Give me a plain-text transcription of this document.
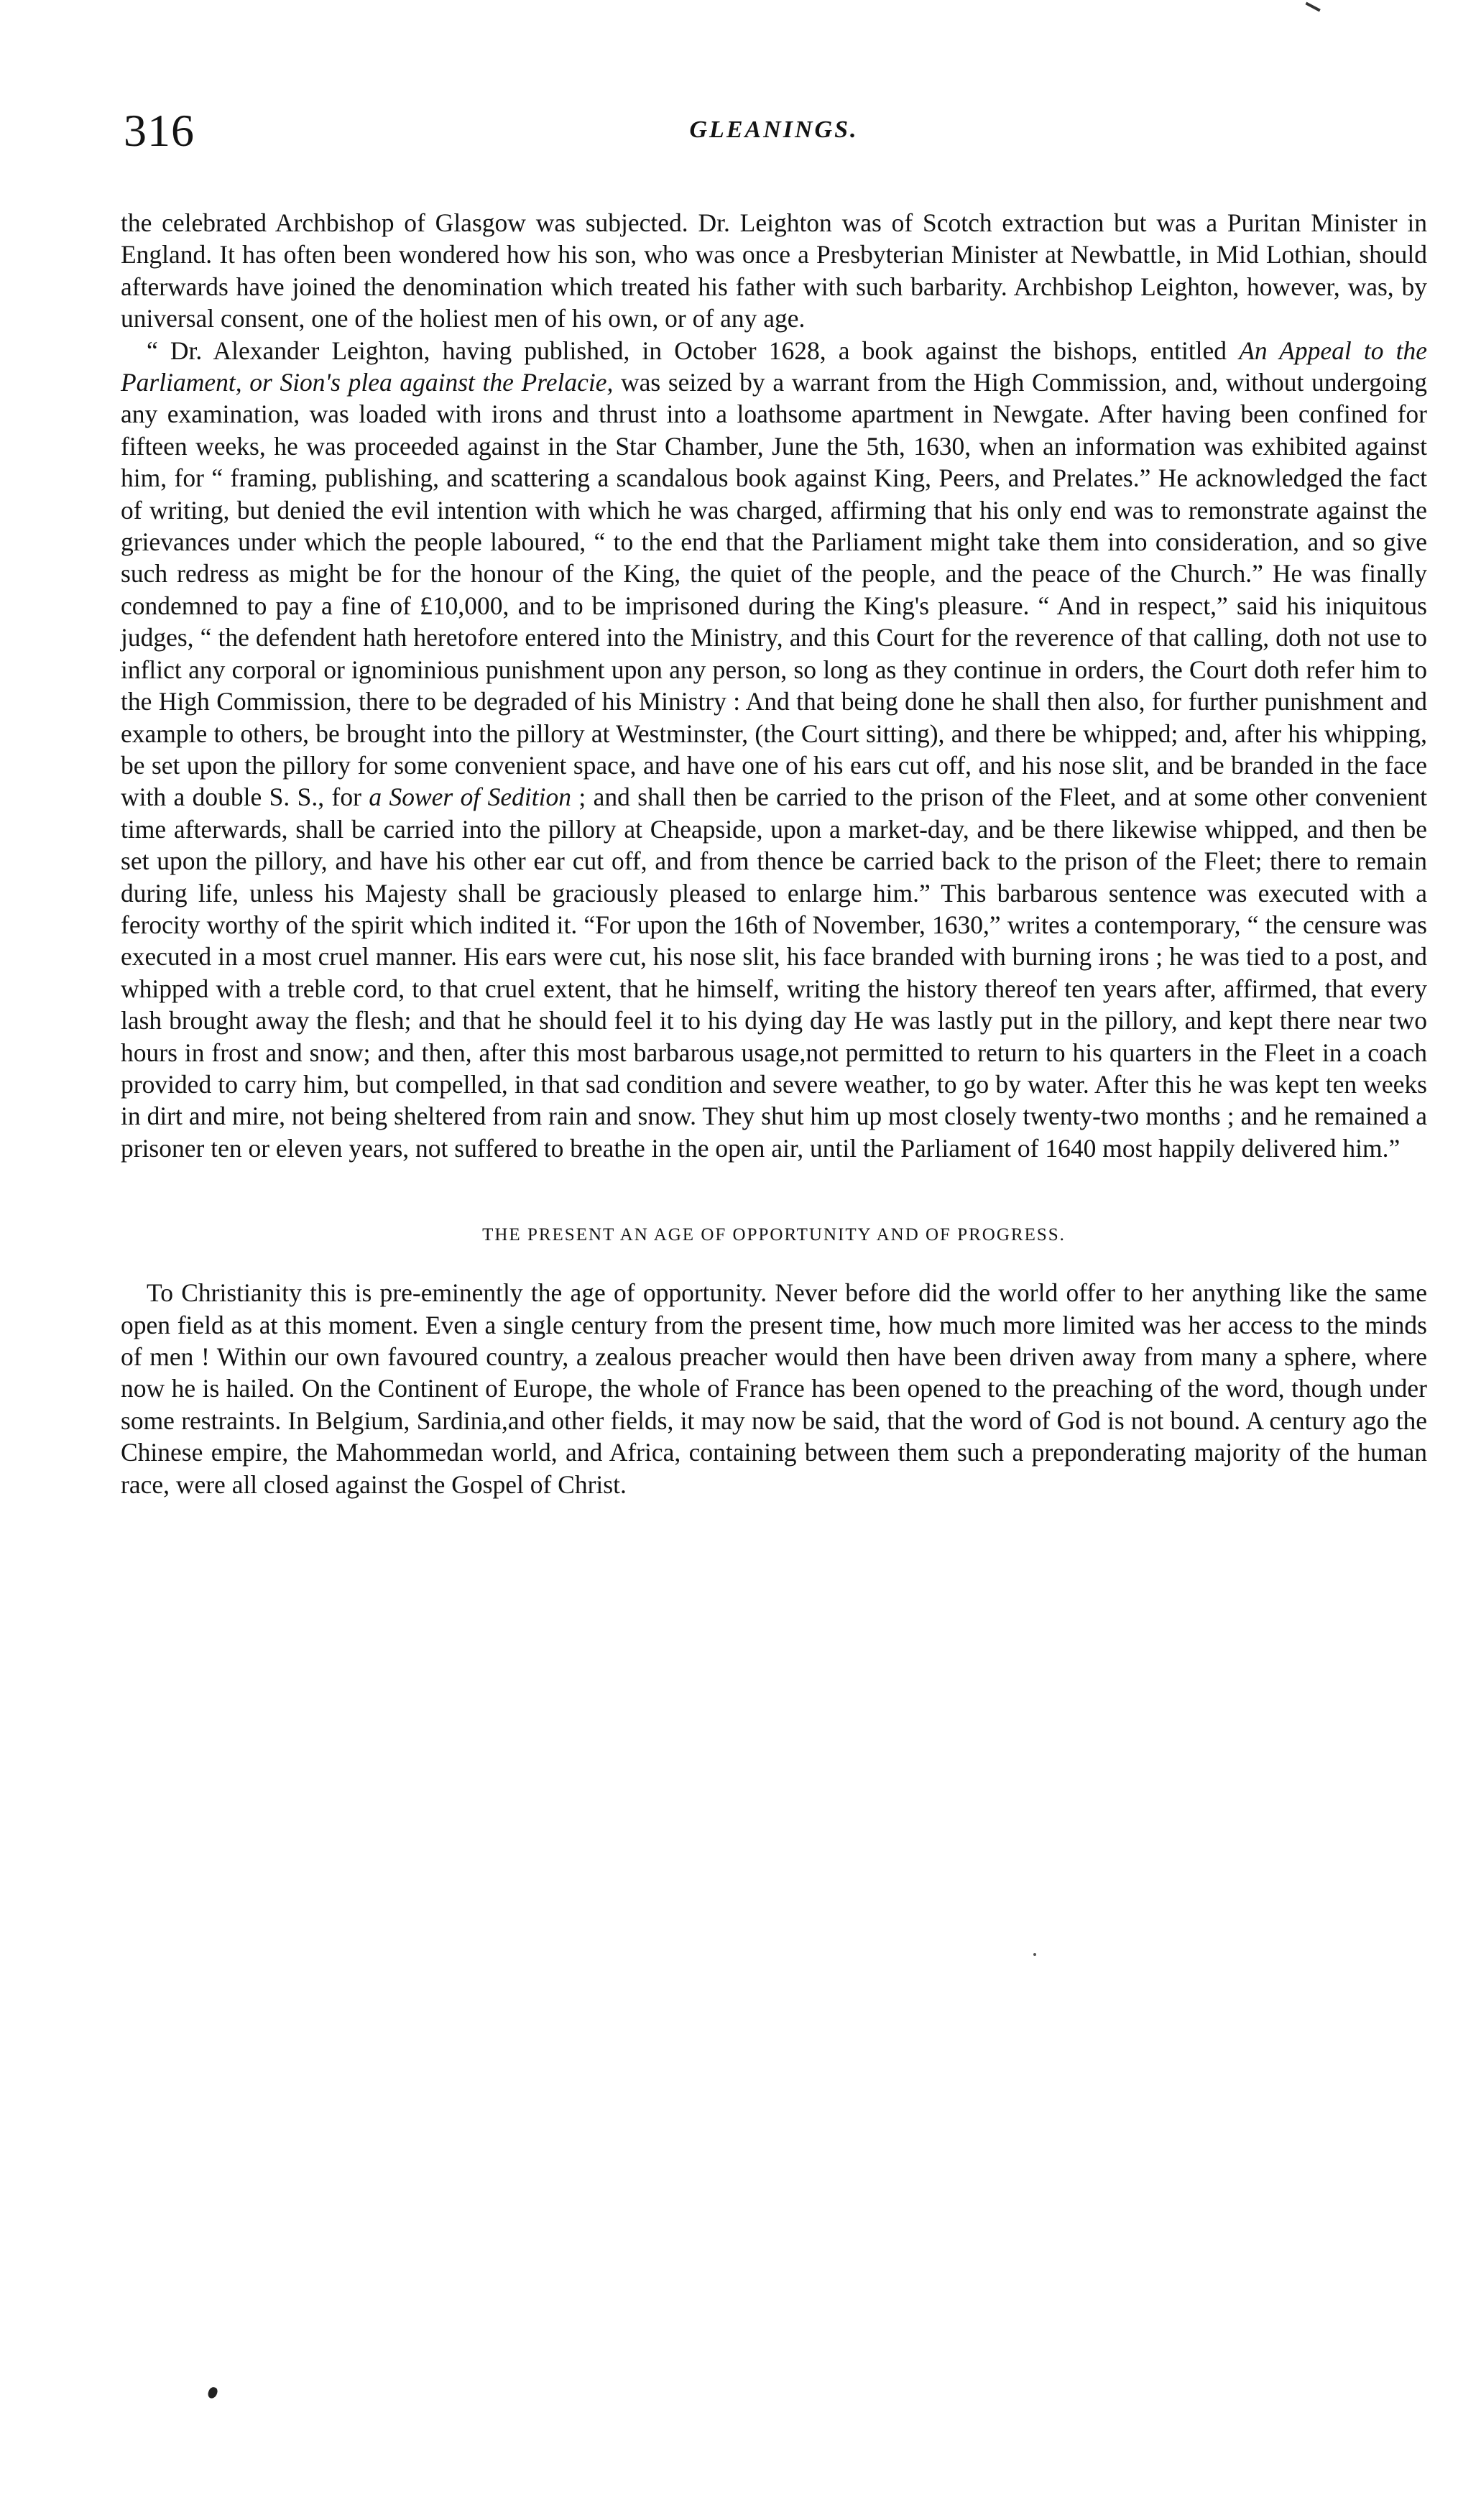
316	GLEANINGS.

the celebrated Archbishop of Glasgow was subjected. Dr. Leighton was of Scotch extraction but was a Puritan Minister in England. It has often been wondered how his son, who was once a Presbyterian Minister at Newbattle, in Mid Lothian, should afterwards have joined the denomination which treated his father with such barbarity. Archbishop Leighton, however, was, by universal consent, one of the holiest men of his own, or of any age.

“ Dr. Alexander Leighton, having published, in October 1628, a book against the bishops, entitled An Appeal to the Parliament, or Sion's plea against the Prelacie, was seized by a warrant from the High Commission, and, without undergoing any examination, was loaded with irons and thrust into a loathsome apartment in Newgate. After having been confined for fifteen weeks, he was proceeded against in the Star Chamber, June the 5th, 1630, when an information was exhibited against him, for “ framing, publishing, and scattering a scandalous book against King, Peers, and Prelates.” He acknowledged the fact of writing, but denied the evil intention with which he was charged, affirming that his only end was to remonstrate against the grievances under which the people laboured, “ to the end that the Parliament might take them into consideration, and so give such redress as might be for the honour of the King, the quiet of the people, and the peace of the Church.” He was finally condemned to pay a fine of £10,000, and to be imprisoned during the King's pleasure. “ And in respect,” said his iniquitous judges, “ the defendent hath heretofore entered into the Ministry, and this Court for the reverence of that calling, doth not use to inflict any corporal or ignominious punishment upon any person, so long as they continue in orders, the Court doth refer him to the High Commission, there to be degraded of his Ministry : And that being done he shall then also, for further punishment and example to others, be brought into the pillory at Westminster, (the Court sitting), and there be whipped; and, after his whipping, be set upon the pillory for some convenient space, and have one of his ears cut off, and his nose slit, and be branded in the face with a double S. S., for a Sower of Sedition ; and shall then be carried to the prison of the Fleet, and at some other convenient time afterwards, shall be carried into the pillory at Cheapside, upon a market-day, and be there likewise whipped, and then be set upon the pillory, and have his other ear cut off, and from thence be carried back to the prison of the Fleet; there to remain during life, unless his Majesty shall be graciously pleased to enlarge him.” This barbarous sentence was executed with a ferocity worthy of the spirit which indited it. “For upon the 16th of November, 1630,” writes a contemporary, “ the censure was executed in a most cruel manner. His ears were cut, his nose slit, his face branded with burning irons ; he was tied to a post, and whipped with a treble cord, to that cruel extent, that he himself, writing the history thereof ten years after, affirmed, that every lash brought away the flesh; and that he should feel it to his dying day He was lastly put in the pillory, and kept there near two hours in frost and snow; and then, after this most barbarous usage,not permitted to return to his quarters in the Fleet in a coach provided to carry him, but compelled, in that sad condition and severe weather, to go by water. After this he was kept ten weeks in dirt and mire, not being sheltered from rain and snow. They shut him up most closely twenty-two months ; and he remained a prisoner ten or eleven years, not suffered to breathe in the open air, until the Parliament of 1640 most happily delivered him.”

THE PRESENT AN AGE OF OPPORTUNITY AND OF PROGRESS.

To Christianity this is pre-eminently the age of opportunity. Never before did the world offer to her anything like the same open field as at this moment. Even a single century from the present time, how much more limited was her access to the minds of men ! Within our own favoured country, a zealous preacher would then have been driven away from many a sphere, where now he is hailed. On the Continent of Europe, the whole of France has been opened to the preaching of the word, though under some restraints. In Belgium, Sardinia,and other fields, it may now be said, that the word of God is not bound. A century ago the Chinese empire, the Mahommedan world, and Africa, containing between them such a preponderating majority of the human race, were all closed against the Gospel of Christ.
